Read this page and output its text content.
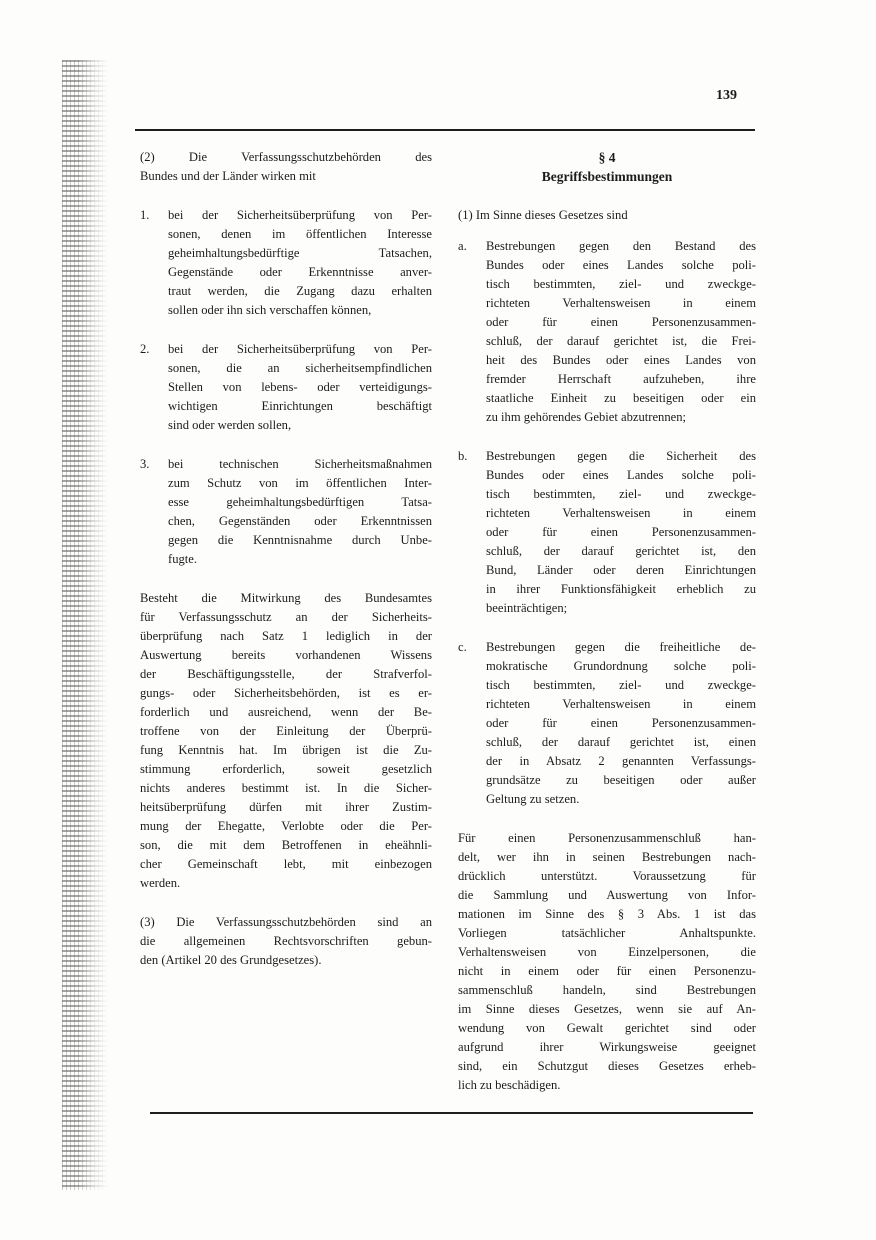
139
(2) Die Verfassungsschutzbehörden des
Bundes und der Länder wirken mit
1. bei der Sicherheitsüberprüfung von Per-
sonen, denen im öffentlichen Interesse
geheimhaltungsbedürftige Tatsachen,
Gegenstände oder Erkenntnisse anver-
traut werden, die Zugang dazu erhalten
sollen oder ihn sich verschaffen können,
2. bei der Sicherheitsüberprüfung von Per-
sonen, die an sicherheitsempfindlichen
Stellen von lebens- oder verteidigungs-
wichtigen Einrichtungen beschäftigt
sind oder werden sollen,
3. bei technischen Sicherheitsmaßnahmen
zum Schutz von im öffentlichen Inter-
esse geheimhaltungsbedürftigen Tatsa-
chen, Gegenständen oder Erkenntnissen
gegen die Kenntnisnahme durch Unbe-
fugte.
Besteht die Mitwirkung des Bundesamtes
für Verfassungsschutz an der Sicherheits-
überprüfung nach Satz 1 lediglich in der
Auswertung bereits vorhandenen Wissens
der Beschäftigungsstelle, der Strafverfol-
gungs- oder Sicherheitsbehörden, ist es er-
forderlich und ausreichend, wenn der Be-
troffene von der Einleitung der Überprü-
fung Kenntnis hat. Im übrigen ist die Zu-
stimmung erforderlich, soweit gesetzlich
nichts anderes bestimmt ist. In die Sicher-
heitsüberprüfung dürfen mit ihrer Zustim-
mung der Ehegatte, Verlobte oder die Per-
son, die mit dem Betroffenen in eheähnli-
cher Gemeinschaft lebt, mit einbezogen
werden.
(3) Die Verfassungsschutzbehörden sind an
die allgemeinen Rechtsvorschriften gebun-
den (Artikel 20 des Grundgesetzes).
§ 4
Begriffsbestimmungen
(1) Im Sinne dieses Gesetzes sind
a. Bestrebungen gegen den Bestand des
Bundes oder eines Landes solche poli-
tisch bestimmten, ziel- und zweckge-
richteten Verhaltensweisen in einem
oder für einen Personenzusammen-
schluß, der darauf gerichtet ist, die Frei-
heit des Bundes oder eines Landes von
fremder Herrschaft aufzuheben, ihre
staatliche Einheit zu beseitigen oder ein
zu ihm gehörendes Gebiet abzutrennen;
b. Bestrebungen gegen die Sicherheit des
Bundes oder eines Landes solche poli-
tisch bestimmten, ziel- und zweckge-
richteten Verhaltensweisen in einem
oder für einen Personenzusammen-
schluß, der darauf gerichtet ist, den
Bund, Länder oder deren Einrichtungen
in ihrer Funktionsfähigkeit erheblich zu
beeinträchtigen;
c. Bestrebungen gegen die freiheitliche de-
mokratische Grundordnung solche poli-
tisch bestimmten, ziel- und zweckge-
richteten Verhaltensweisen in einem
oder für einen Personenzusammen-
schluß, der darauf gerichtet ist, einen
der in Absatz 2 genannten Verfassungs-
grundsätze zu beseitigen oder außer
Geltung zu setzen.
Für einen Personenzusammenschluß han-
delt, wer ihn in seinen Bestrebungen nach-
drücklich unterstützt. Voraussetzung für
die Sammlung und Auswertung von Infor-
mationen im Sinne des § 3 Abs. 1 ist das
Vorliegen tatsächlicher Anhaltspunkte.
Verhaltensweisen von Einzelpersonen, die
nicht in einem oder für einen Personenzu-
sammenschluß handeln, sind Bestrebungen
im Sinne dieses Gesetzes, wenn sie auf An-
wendung von Gewalt gerichtet sind oder
aufgrund ihrer Wirkungsweise geeignet
sind, ein Schutzgut dieses Gesetzes erheb-
lich zu beschädigen.
